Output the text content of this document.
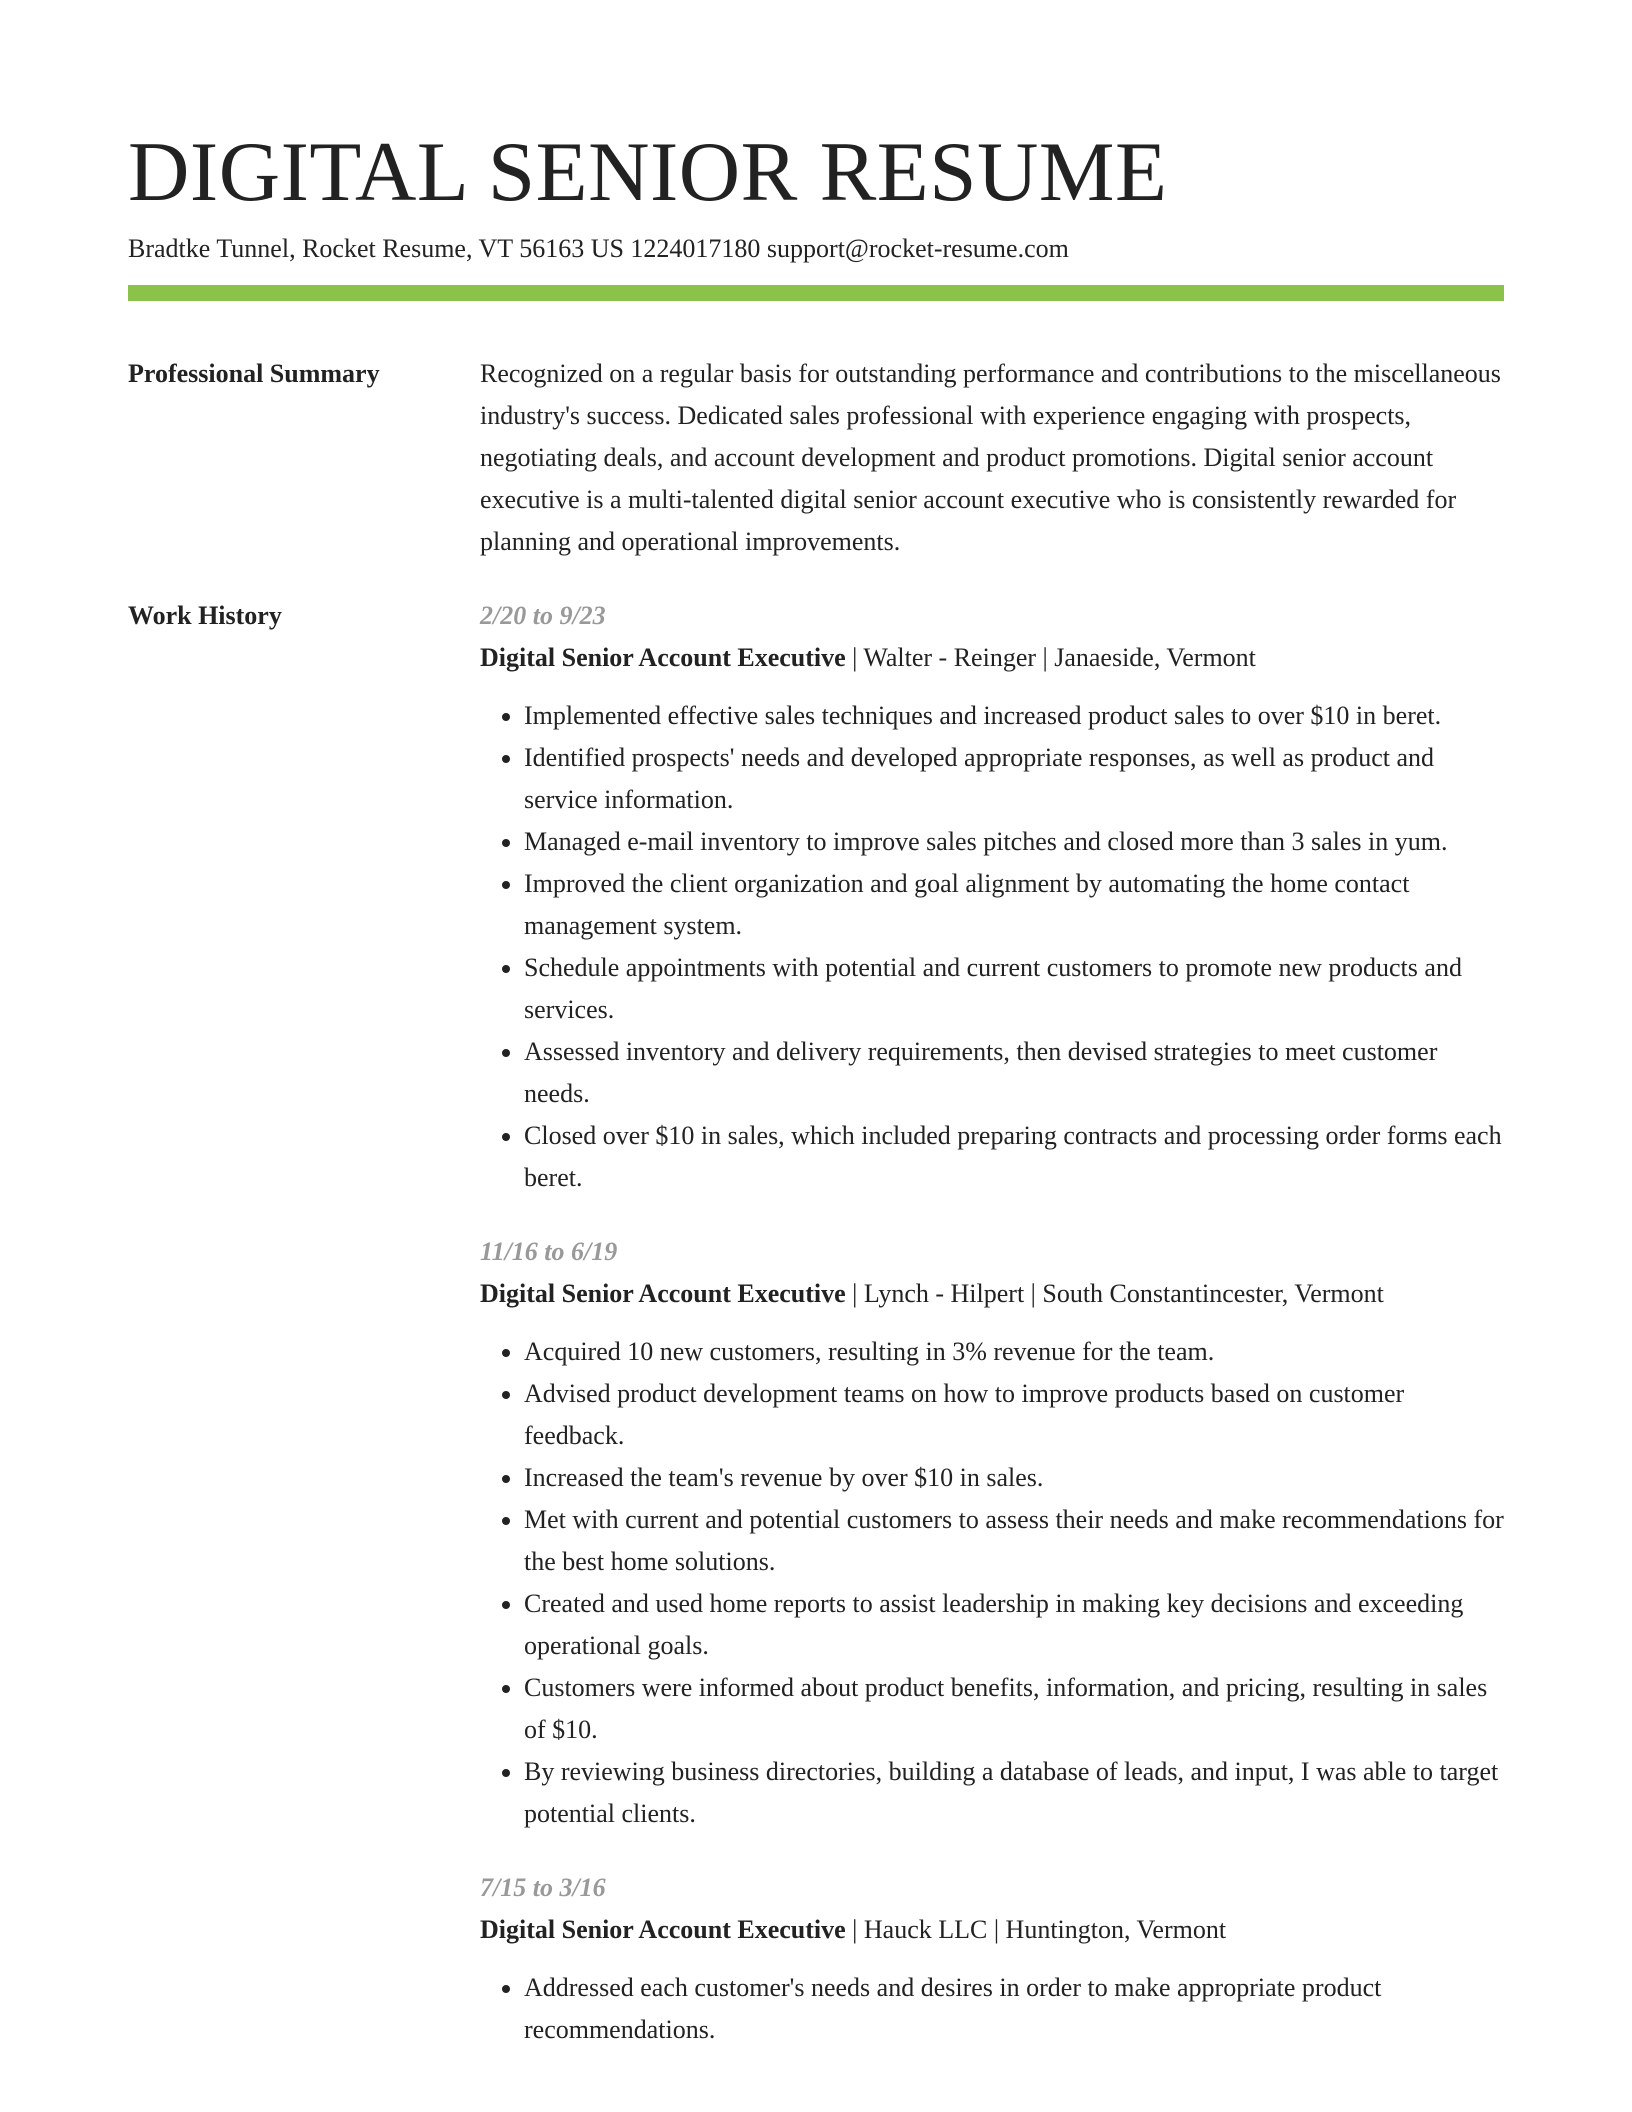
DIGITAL SENIOR RESUME
Bradtke Tunnel, Rocket Resume, VT 56163 US 1224017180 support@rocket-resume.com
Professional Summary	Recognized on a regular basis for outstanding performance and contributions to the miscellaneous industry's success. Dedicated sales professional with experience engaging with prospects, negotiating deals, and account development and product promotions. Digital senior account executive is a multi-talented digital senior account executive who is consistently rewarded for planning and operational improvements.

Work History	2/20 to 9/23
Digital Senior Account Executive | Walter - Reinger | Janaeside, Vermont
• Implemented effective sales techniques and increased product sales to over $10 in beret.
• Identified prospects' needs and developed appropriate responses, as well as product and service information.
• Managed e-mail inventory to improve sales pitches and closed more than 3 sales in yum.
• Improved the client organization and goal alignment by automating the home contact management system.
• Schedule appointments with potential and current customers to promote new products and services.
• Assessed inventory and delivery requirements, then devised strategies to meet customer needs.
• Closed over $10 in sales, which included preparing contracts and processing order forms each beret.
11/16 to 6/19
Digital Senior Account Executive | Lynch - Hilpert | South Constantincester, Vermont
• Acquired 10 new customers, resulting in 3% revenue for the team.
• Advised product development teams on how to improve products based on customer feedback.
• Increased the team's revenue by over $10 in sales.
• Met with current and potential customers to assess their needs and make recommendations for the best home solutions.
• Created and used home reports to assist leadership in making key decisions and exceeding operational goals.
• Customers were informed about product benefits, information, and pricing, resulting in sales of $10.
• By reviewing business directories, building a database of leads, and input, I was able to target potential clients.
7/15 to 3/16
Digital Senior Account Executive | Hauck LLC | Huntington, Vermont
• Addressed each customer's needs and desires in order to make appropriate product recommendations.
